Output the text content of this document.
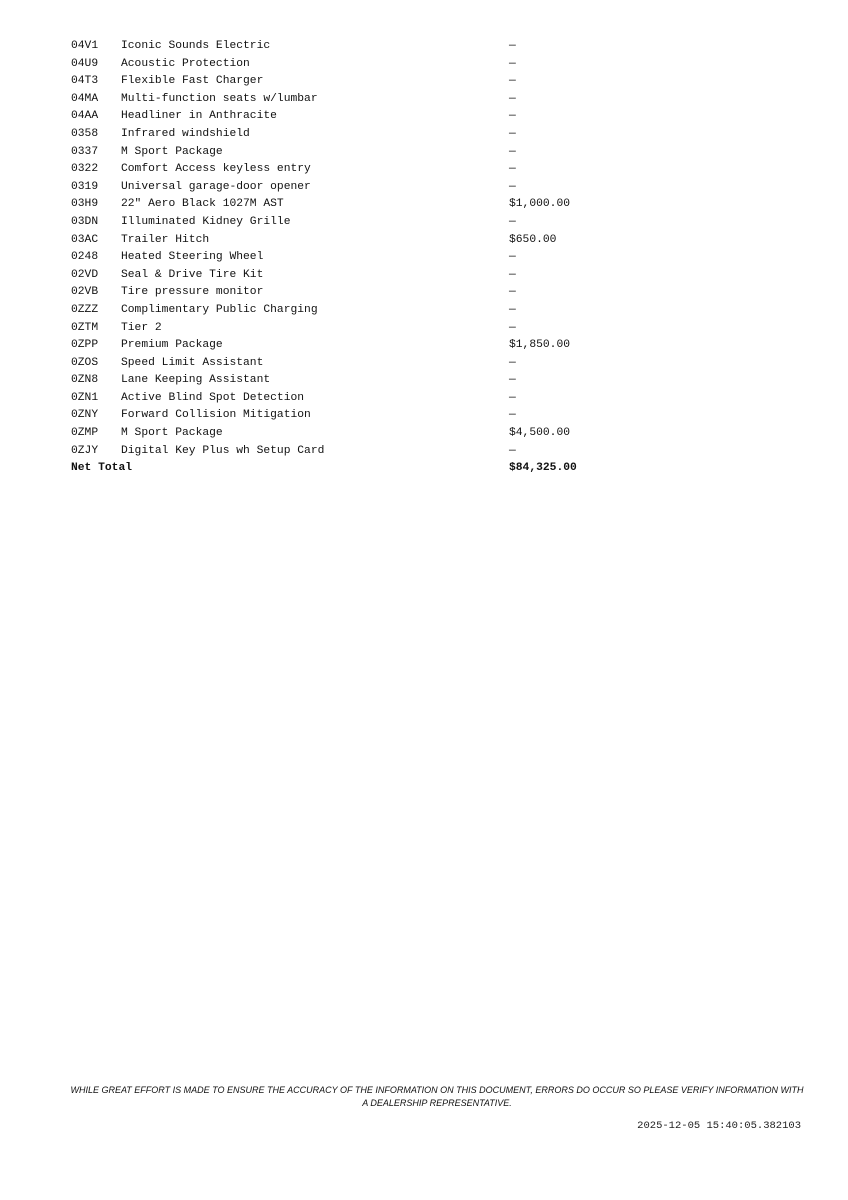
04V1	Iconic Sounds Electric	—
04U9	Acoustic Protection	—
04T3	Flexible Fast Charger	—
04MA	Multi-function seats w/lumbar	—
04AA	Headliner in Anthracite	—
0358	Infrared windshield	—
0337	M Sport Package	—
0322	Comfort Access keyless entry	—
0319	Universal garage-door opener	—
03H9	22" Aero Black 1027M AST	$1,000.00
03DN	Illuminated Kidney Grille	—
03AC	Trailer Hitch	$650.00
0248	Heated Steering Wheel	—
02VD	Seal & Drive Tire Kit	—
02VB	Tire pressure monitor	—
0ZZZ	Complimentary Public Charging	—
0ZTM	Tier 2	—
0ZPP	Premium Package	$1,850.00
0ZOS	Speed Limit Assistant	—
0ZN8	Lane Keeping Assistant	—
0ZN1	Active Blind Spot Detection	—
0ZNY	Forward Collision Mitigation	—
0ZMP	M Sport Package	$4,500.00
0ZJY	Digital Key Plus wh Setup Card	—
Net Total	$84,325.00
WHILE GREAT EFFORT IS MADE TO ENSURE THE ACCURACY OF THE INFORMATION ON THIS DOCUMENT, ERRORS DO OCCUR SO PLEASE VERIFY INFORMATION WITH A DEALERSHIP REPRESENTATIVE.
2025-12-05 15:40:05.382103
